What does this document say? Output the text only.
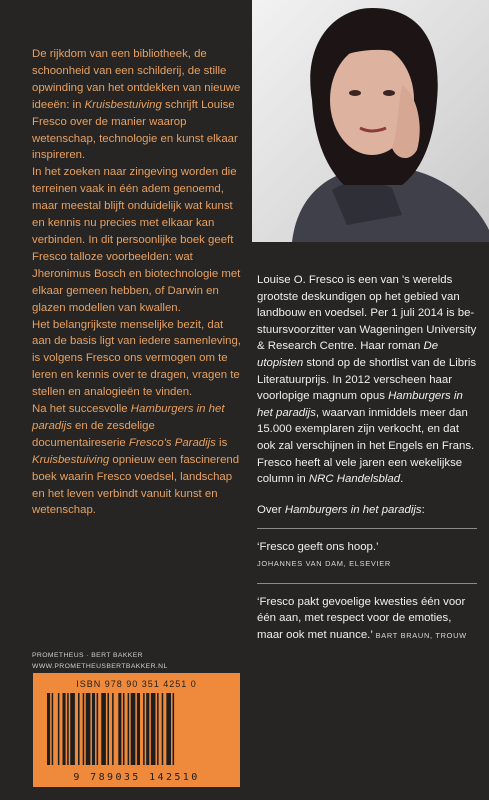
De rijkdom van een bibliotheek, de schoonheid van een schilderij, de stille opwinding van het ontdekken van nieuwe ideeën: in Kruisbestuiving schrijft Louise Fresco over de manier waarop wetenschap, technologie en kunst elkaar inspireren.

In het zoeken naar zingeving worden die terreinen vaak in één adem genoemd, maar meestal blijft onduidelijk wat kunst en kennis nu precies met elkaar kan verbinden. In dit persoonlijke boek geeft Fresco talloze voorbeelden: wat Jheronimus Bosch en biotechnologie met elkaar gemeen hebben, of Darwin en glazen modellen van kwallen.

Het belangrijkste menselijke bezit, dat aan de basis ligt van iedere samenleving, is volgens Fresco ons vermogen om te leren en kennis over te dragen, vragen te stellen en analogieën te vinden.

Na het succesvolle Hamburgers in het paradijs en de zesdelige documentaireserie Fresco's Paradijs is Kruisbestuiving opnieuw een fascinerend boek waarin Fresco voedsel, landschap en het leven verbindt vanuit kunst en wetenschap.

Louise O. Fresco is een van 's werelds grootste deskundigen op het gebied van landbouw en voedsel. Per 1 juli 2014 is bestuursvoorzitter van Wageningen University & Research Centre. Haar roman De utopisten stond op de shortlist van de Libris Literatuurprijs. In 2012 verscheen haar voorlopige magnum opus Hamburgers in het paradijs, waarvan inmiddels meer dan 15.000 exemplaren zijn verkocht, en dat ook zal verschijnen in het Engels en Frans.

Fresco heeft al vele jaren een wekelijkse column in NRC Handelsblad.

Over Hamburgers in het paradijs:

‘Fresco geeft ons hoop.’

JOHANNES VAN DAM, ELSEVIER

‘Fresco pakt gevoelige kwesties één voor één aan, met respect voor de emoties, maar ook met nuance.’ BART BRAUN, TROUW

PROMETHEUS · BERT BAKKER
WWW.PROMETHEUSBERTBAKKER.NL
ISBN 978 90 351 4251 0
9 789035 142510
